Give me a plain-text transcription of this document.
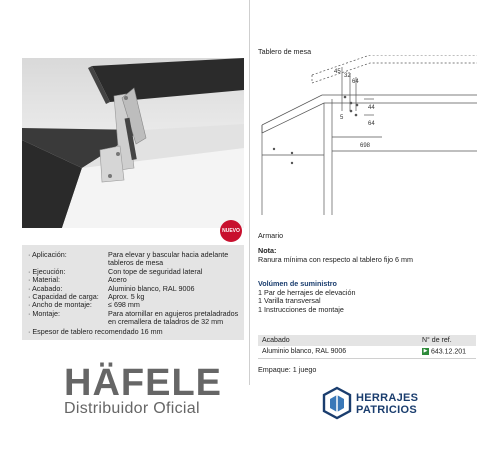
NUEVO
· Aplicación:	Para elevar y bascular hacia adelante tableros de mesa
· Ejecución:	Con tope de seguridad lateral
· Material:	Acero
· Acabado:	Aluminio blanco, RAL 9006
· Capacidad de carga:	Aprox. 5 kg
· Ancho de montaje:	≤ 698 mm
· Montaje:	Para atornillar en agujeros pretaladrados en cremallera de taladros de 32 mm
· Espesor de tablero recomendado 16 mm
Tablero de mesa
45
32
64
44
5
64
698
Armario
Nota:
Ranura mínima con respecto al tablero fijo 6 mm
Volúmen de suministro
1 Par de herrajes de elevación
1 Varilla transversal
1 Instrucciones de montaje
Acabado	N° de ref.
Aluminio blanco, RAL 9006	▶ 643.12.201
Empaque: 1 juego
HÄFELE
Distribuidor Oficial
HERRAJES
PATRICIOS
